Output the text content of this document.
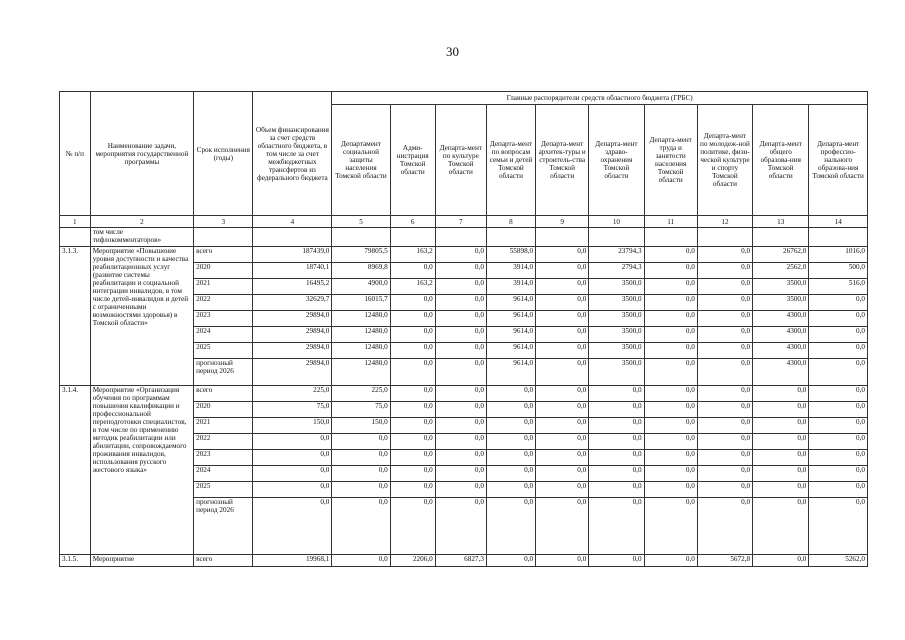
30
№ п/п	Наименование задачи, мероприятия государственной программы	Срок исполнения (годы)	Объем финансирования за счет средств областного бюджета, в том числе за счет межбюджетных трансфертов из федерального бюджета	Главные распорядители средств областного бюджета (ГРБС)									
				Департамент социальной защиты населения Томской области	Адми-нистрация Томской области	Департа-мент по культуре Томской области	Департа-мент по вопросам семьи и детей Томской области	Департа-мент архитек-туры и строитель-ства Томской области	Департа-мент здраво-охранения Томской области	Департа-мент труда и занятости населения Томской области	Департа-мент по молодеж-ной политике, физи-ческой культуре и спорту Томской области	Департа-мент общего образова-ния Томской области	Департа-мент профессио-нального образова-ния Томской области
1	2	3	4	5	6	7	8	9	10	11	12	13	14
	том числе тифлокомментаторов»												
3.1.3.	Мероприятие «Повышение уровня доступности и качества реабилитационных услуг (развитие системы реабилитации и социальной интеграции инвалидов, в том числе детей-инвалидов и детей с ограниченными возможностями здоровья) в Томской области»	всего	187439,0	79805,5	163,2	0,0	55898,0	0,0	23794,3	0,0	0,0	26762,0	1016,0
		2020	18740,1	8969,8	0,0	0,0	3914,0	0,0	2794,3	0,0	0,0	2562,0	500,0
		2021	16495,2	4900,0	163,2	0,0	3914,0	0,0	3500,0	0,0	0,0	3500,0	516,0
		2022	32629,7	16015,7	0,0	0,0	9614,0	0,0	3500,0	0,0	0,0	3500,0	0,0
		2023	29894,0	12480,0	0,0	0,0	9614,0	0,0	3500,0	0,0	0,0	4300,0	0,0
		2024	29894,0	12480,0	0,0	0,0	9614,0	0,0	3500,0	0,0	0,0	4300,0	0,0
		2025	29894,0	12480,0	0,0	0,0	9614,0	0,0	3500,0	0,0	0,0	4300,0	0,0
		прогнозный период 2026	29894,0	12480,0	0,0	0,0	9614,0	0,0	3500,0	0,0	0,0	4300,0	0,0
3.1.4.	Мероприятие «Организация обучения по программам повышения квалификации и профессиональной переподготовки специалистов, в том числе по применению методик реабилитации или абилитации, сопровождаемого проживания инвалидов, использования русского жестового языка»	всего	225,0	225,0	0,0	0,0	0,0	0,0	0,0	0,0	0,0	0,0	0,0
		2020	75,0	75,0	0,0	0,0	0,0	0,0	0,0	0,0	0,0	0,0	0,0
		2021	150,0	150,0	0,0	0,0	0,0	0,0	0,0	0,0	0,0	0,0	0,0
		2022	0,0	0,0	0,0	0,0	0,0	0,0	0,0	0,0	0,0	0,0	0,0
		2023	0,0	0,0	0,0	0,0	0,0	0,0	0,0	0,0	0,0	0,0	0,0
		2024	0,0	0,0	0,0	0,0	0,0	0,0	0,0	0,0	0,0	0,0	0,0
		2025	0,0	0,0	0,0	0,0	0,0	0,0	0,0	0,0	0,0	0,0	0,0
		прогнозный период 2026	0,0	0,0	0,0	0,0	0,0	0,0	0,0	0,0	0,0	0,0	0,0
3.1.5.	Мероприятие	всего	19968,1	0,0	2206,0	6827,3	0,0	0,0	0,0	0,0	5672,8	0,0	5262,0
